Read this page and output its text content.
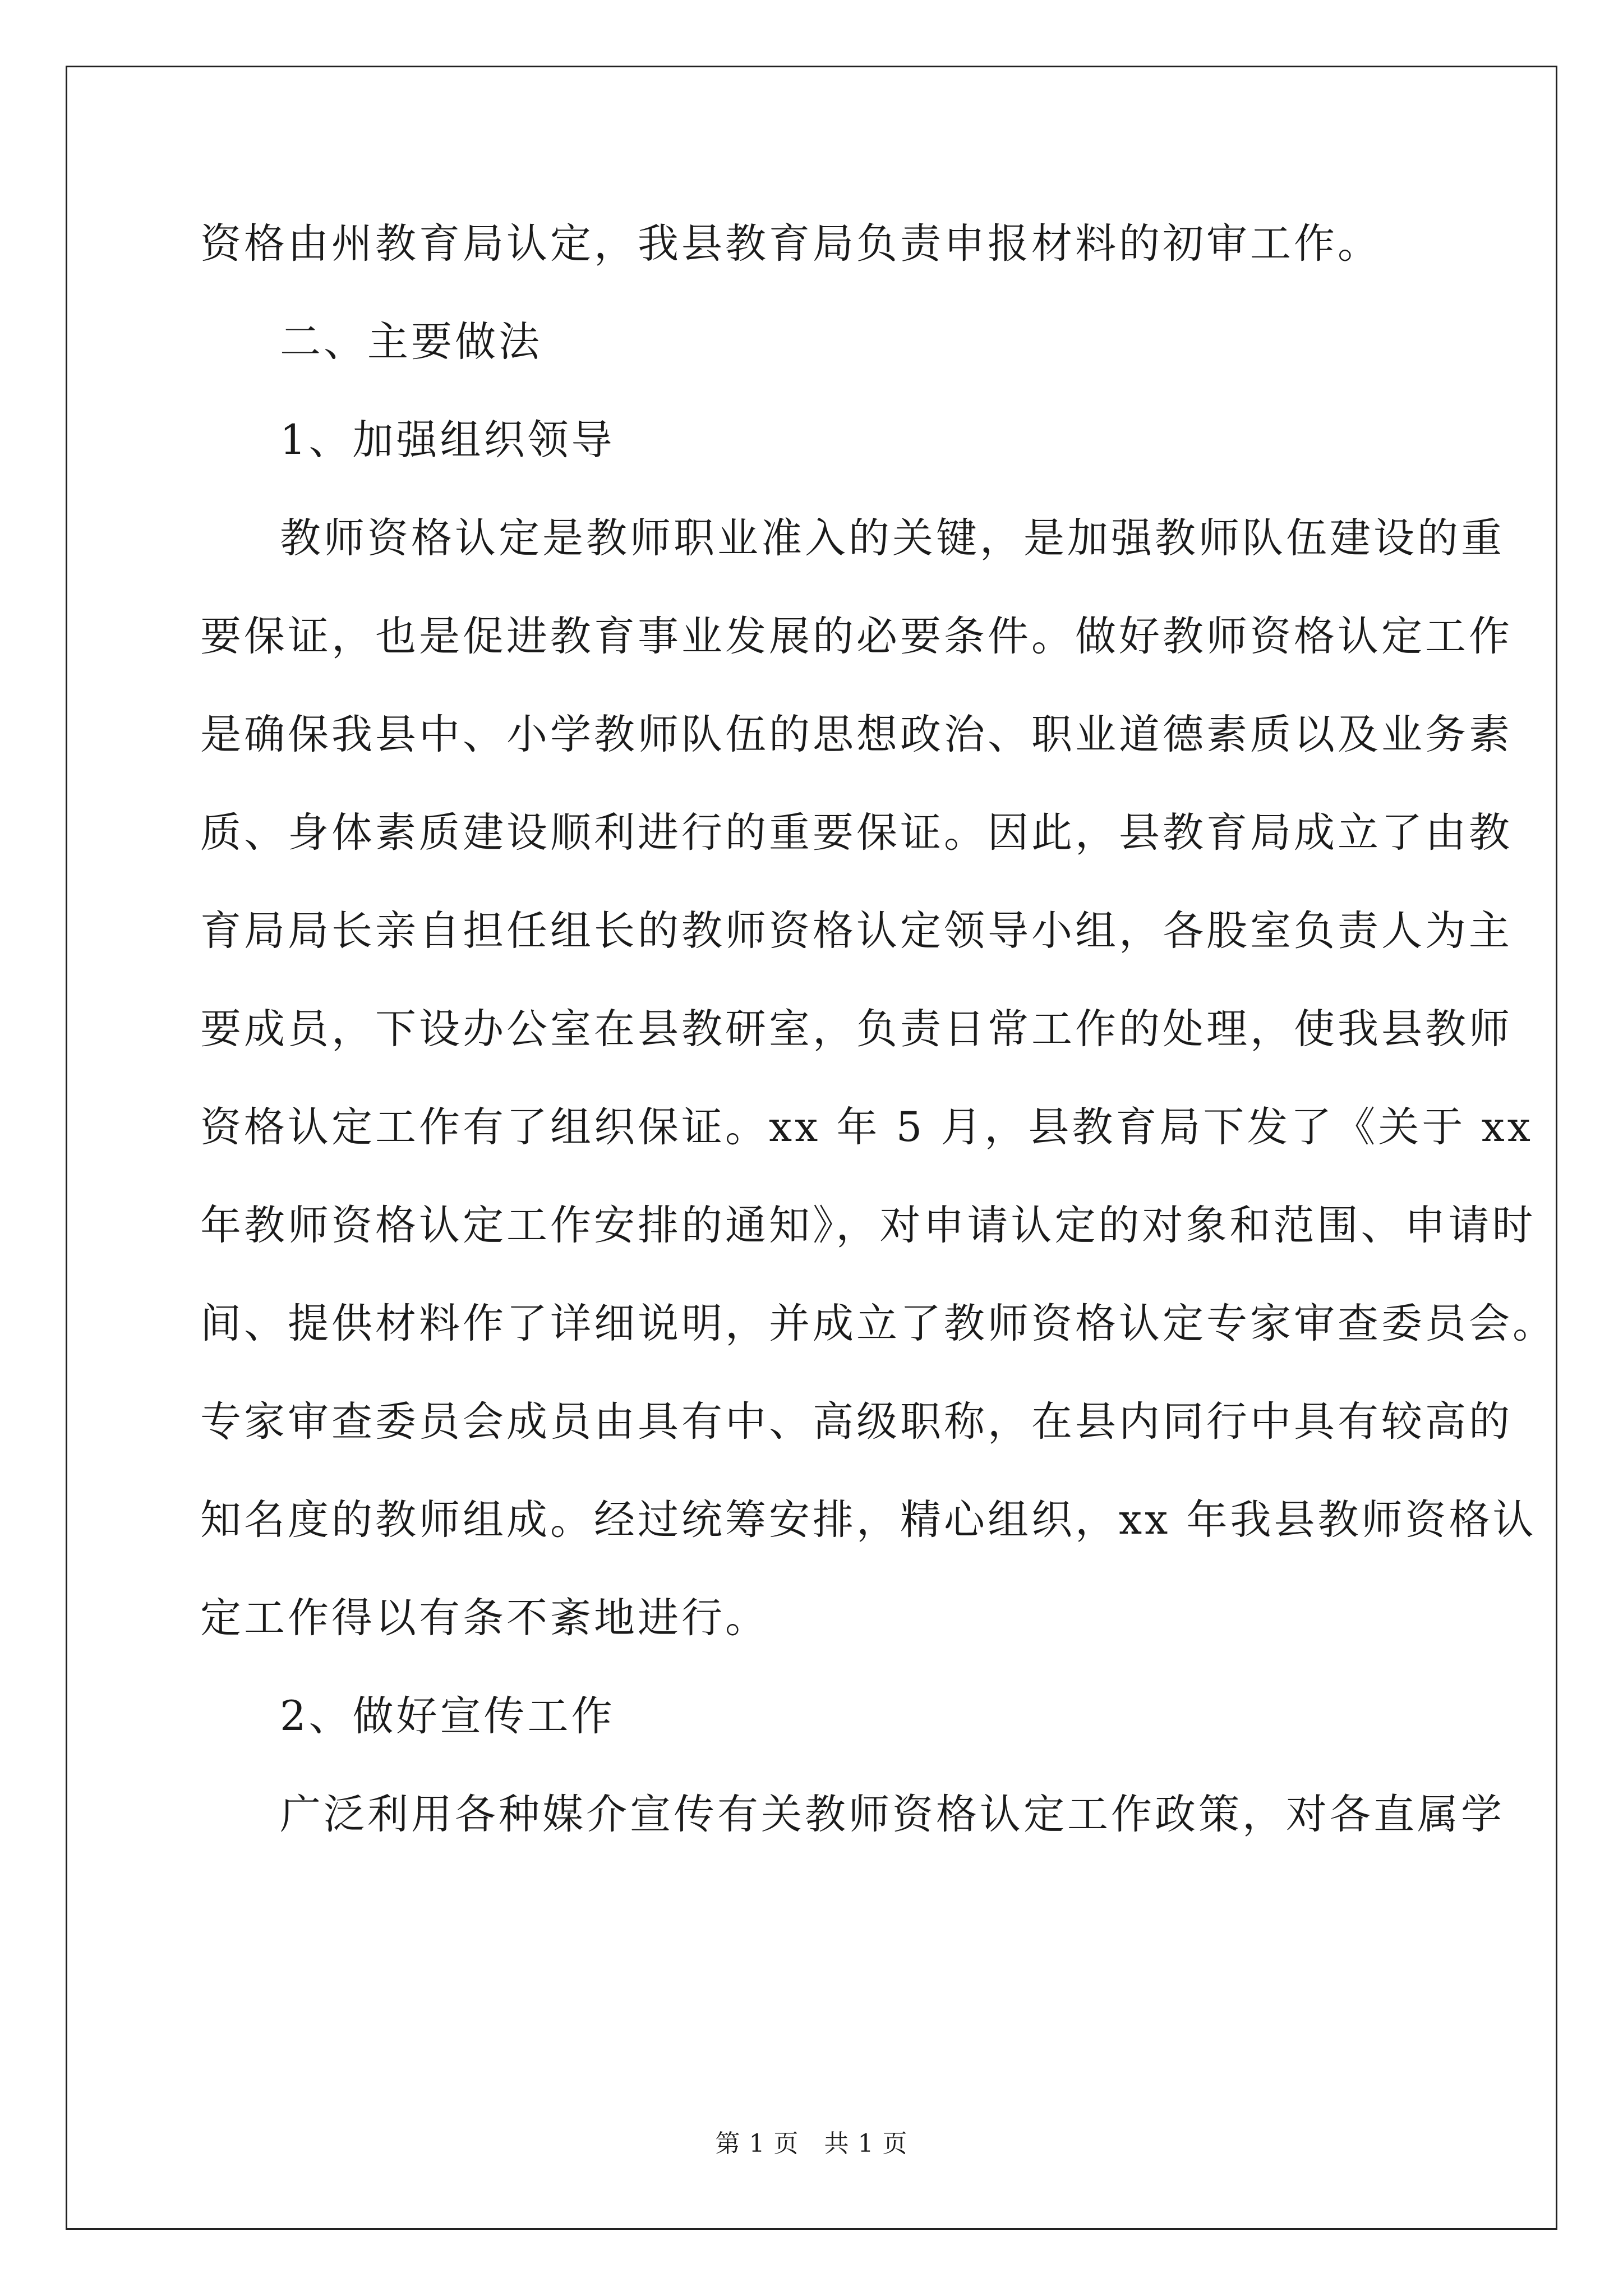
资格由州教育局认定，我县教育局负责申报材料的初审工作。
二、主要做法
1、加强组织领导
教师资格认定是教师职业准入的关键，是加强教师队伍建设的重
要保证，也是促进教育事业发展的必要条件。做好教师资格认定工作
是确保我县中、小学教师队伍的思想政治、职业道德素质以及业务素
质、身体素质建设顺利进行的重要保证。因此，县教育局成立了由教
育局局长亲自担任组长的教师资格认定领导小组，各股室负责人为主
要成员，下设办公室在县教研室，负责日常工作的处理，使我县教师
资格认定工作有了组织保证。xx 年 5 月，县教育局下发了《关于 xx
年教师资格认定工作安排的通知》，对申请认定的对象和范围、申请时
间、提供材料作了详细说明，并成立了教师资格认定专家审查委员会。
专家审查委员会成员由具有中、高级职称，在县内同行中具有较高的
知名度的教师组成。经过统筹安排，精心组织，xx 年我县教师资格认
定工作得以有条不紊地进行。
2、做好宣传工作
广泛利用各种媒介宣传有关教师资格认定工作政策，对各直属学
第 1 页　共 1 页
